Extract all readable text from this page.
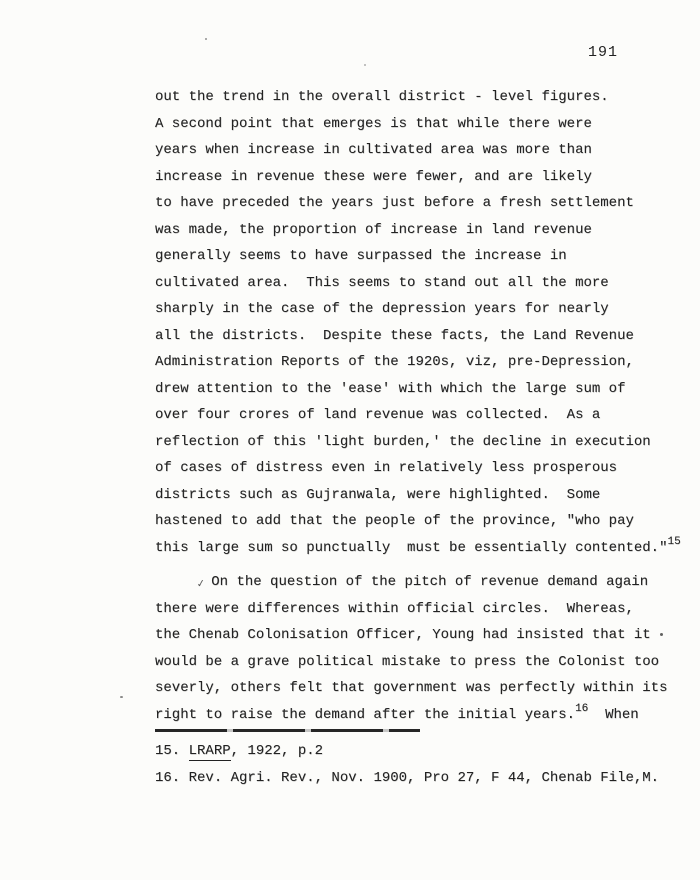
191
out the trend in the overall district - level figures.
A second point that emerges is that while there were
years when increase in cultivated area was more than
increase in revenue these were fewer, and are likely
to have preceded the years just before a fresh settlement
was made, the proportion of increase in land revenue
generally seems to have surpassed the increase in
cultivated area.  This seems to stand out all the more
sharply in the case of the depression years for nearly
all the districts.  Despite these facts, the Land Revenue
Administration Reports of the 1920s, viz, pre-Depression,
drew attention to the 'ease' with which the large sum of
over four crores of land revenue was collected.  As a
reflection of this 'light burden,' the decline in execution
of cases of distress even in relatively less prosperous
districts such as Gujranwala, were highlighted.  Some
hastened to add that the people of the province, "who pay
this large sum so punctually  must be essentially contented."$^{15}$
✓ On the question of the pitch of revenue demand again
there were differences within official circles.  Whereas,
the Chenab Colonisation Officer, Young had insisted that it
would be a grave political mistake to press the Colonist too
severly, others felt that government was perfectly within its
right to raise the demand after the initial years.$^{16}$  When
15. LRARP, 1922, p.2
16. Rev. Agri. Rev., Nov. 1900, Pro 27, F 44, Chenab File,M.
